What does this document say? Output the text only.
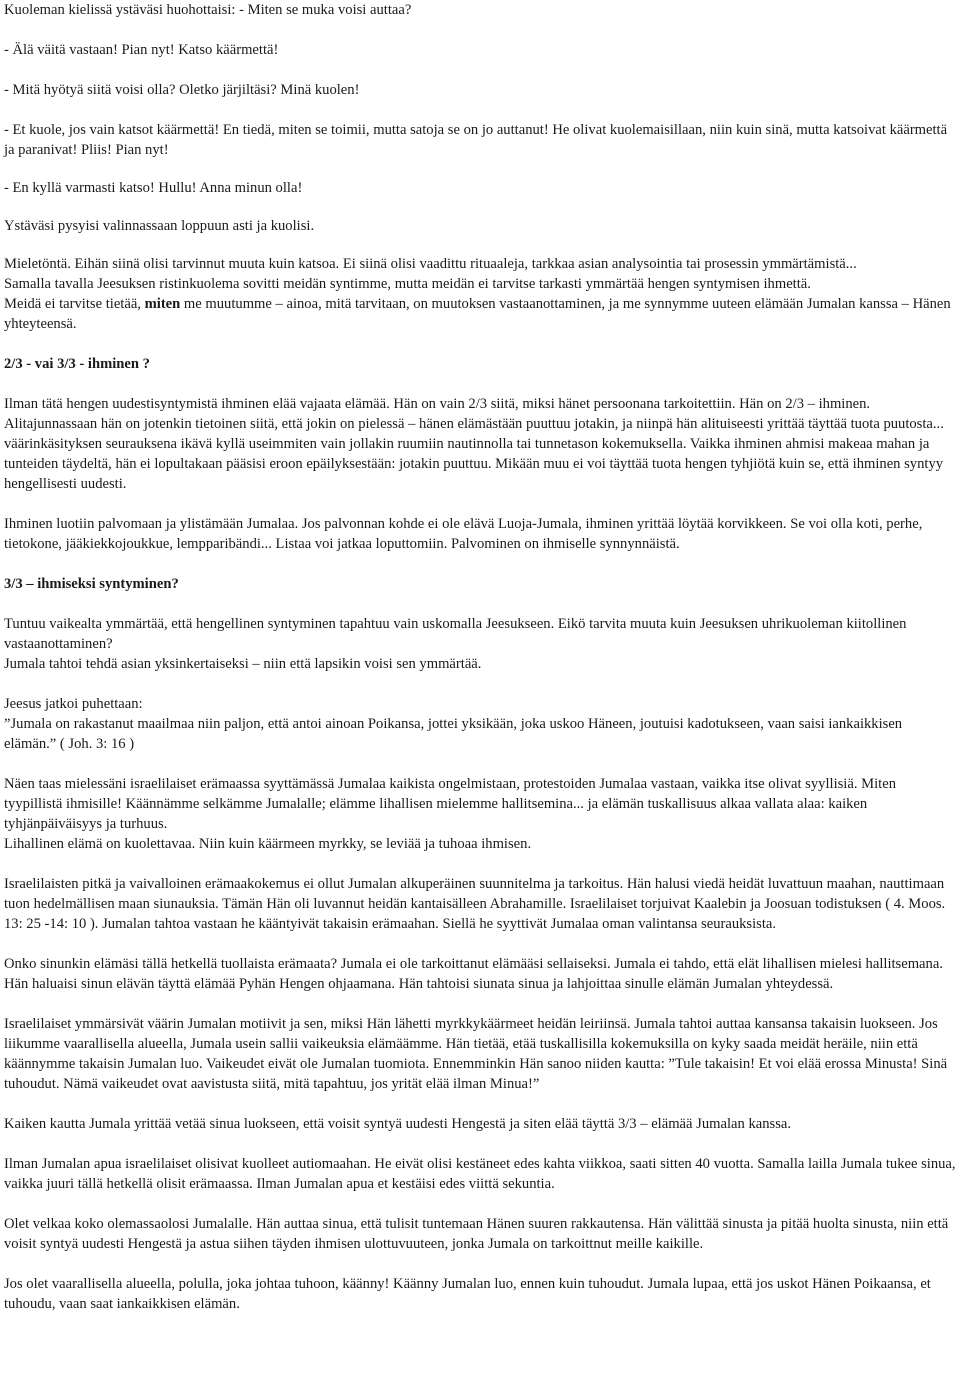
Kuoleman kielissä ystäväsi huohottaisi: - Miten se muka voisi auttaa?

- Älä väitä vastaan! Pian nyt! Katso käärmettä!

- Mitä hyötyä siitä voisi olla? Oletko järjiltäsi? Minä kuolen!

- Et kuole, jos vain katsot käärmettä! En tiedä, miten se toimii, mutta satoja se on jo auttanut! He olivat kuolemaisillaan, niin kuin sinä, mutta katsoivat käärmettä ja paranivat! Pliis! Pian nyt!

- En kyllä varmasti katso! Hullu! Anna minun olla!

Ystäväsi pysyisi valinnassaan loppuun asti ja kuolisi.

Mieletöntä. Eihän siinä olisi tarvinnut muuta kuin katsoa. Ei siinä olisi vaadittu rituaaleja, tarkkaa asian analysointia tai prosessin ymmärtämistä...

Samalla tavalla Jeesuksen ristinkuolema sovitti meidän syntimme, mutta meidän ei tarvitse tarkasti ymmärtää hengen syntymisen ihmettä.

Meidä ei tarvitse tietää, miten me muutumme – ainoa, mitä tarvitaan, on muutoksen vastaanottaminen, ja me synnymme uuteen elämään Jumalan kanssa – Hänen yhteyteensä.

2/3 - vai 3/3 - ihminen ?

Ilman tätä hengen uudestisyntymistä ihminen elää vajaata elämää. Hän on vain 2/3 siitä, miksi hänet persoonana tarkoitettiin. Hän on 2/3 – ihminen. Alitajunnassaan hän on jotenkin tietoinen siitä, että jokin on pielessä – hänen elämästään puuttuu jotakin, ja niinpä hän alituiseesti yrittää täyttää tuota puutosta... väärinkäsityksen seurauksena ikävä kyllä useimmiten vain jollakin ruumiin nautinnolla tai tunnetason kokemuksella. Vaikka ihminen ahmisi makeaa mahan ja tunteiden täydeltä, hän ei lopultakaan pääsisi eroon epäilyksestään: jotakin puuttuu. Mikään muu ei voi täyttää tuota hengen tyhjiötä kuin se, että ihminen syntyy hengellisesti uudesti.

Ihminen luotiin palvomaan ja ylistämään Jumalaa. Jos palvonnan kohde ei ole elävä Luoja-Jumala, ihminen yrittää löytää korvikkeen. Se voi olla koti, perhe, tietokone, jääkiekkojoukkue, lempparibändi... Listaa voi jatkaa loputtomiin. Palvominen on ihmiselle synnynnäistä.

3/3 – ihmiseksi syntyminen?

Tuntuu vaikealta ymmärtää, että hengellinen syntyminen tapahtuu vain uskomalla Jeesukseen. Eikö tarvita muuta kuin Jeesuksen uhrikuoleman kiitollinen vastaanottaminen?

Jumala tahtoi tehdä asian yksinkertaiseksi – niin että lapsikin voisi sen ymmärtää.

Jeesus jatkoi puhettaan:

”Jumala on rakastanut maailmaa niin paljon, että antoi ainoan Poikansa, jottei yksikään, joka uskoo Häneen, joutuisi kadotukseen, vaan saisi iankaikkisen elämän.” ( Joh. 3: 16 )

Näen taas mielessäni israelilaiset erämaassa syyttämässä Jumalaa kaikista ongelmistaan, protestoiden Jumalaa vastaan, vaikka itse olivat syyllisiä. Miten tyypillistä ihmisille! Käännämme selkämme Jumalalle; elämme lihallisen mielemme hallitsemina... ja elämän tuskallisuus alkaa vallata alaa: kaiken tyhjänpäiväisyys ja turhuus.

Lihallinen elämä on kuolettavaa. Niin kuin käärmeen myrkky, se leviää ja tuhoaa ihmisen.

Israelilaisten pitkä ja vaivalloinen erämaakokemus ei ollut Jumalan alkuperäinen suunnitelma ja tarkoitus. Hän halusi viedä heidät luvattuun maahan, nauttimaan tuon hedelmällisen maan siunauksia. Tämän Hän oli luvannut heidän kantaisälleen Abrahamille. Israelilaiset torjuivat Kaalebin ja Joosuan todistuksen ( 4. Moos. 13: 25 -14: 10 ). Jumalan tahtoa vastaan he kääntyivät takaisin erämaahan. Siellä he syyttivät Jumalaa oman valintansa seurauksista.

Onko sinunkin elämäsi tällä hetkellä tuollaista erämaata? Jumala ei ole tarkoittanut elämääsi sellaiseksi. Jumala ei tahdo, että elät lihallisen mielesi hallitsemana. Hän haluaisi sinun elävän täyttä elämää Pyhän Hengen ohjaamana. Hän tahtoisi siunata sinua ja lahjoittaa sinulle elämän Jumalan yhteydessä.

Israelilaiset ymmärsivät väärin Jumalan motiivit ja sen, miksi Hän lähetti myrkkykäärmeet heidän leiriinsä. Jumala tahtoi auttaa kansansa takaisin luokseen. Jos liikumme vaarallisella alueella, Jumala usein sallii vaikeuksia elämäämme. Hän tietää, etää tuskallisilla kokemuksilla on kyky saada meidät heräile, niin että käännymme takaisin Jumalan luo. Vaikeudet eivät ole Jumalan tuomiota. Ennemminkin Hän sanoo niiden kautta: ”Tule takaisin! Et voi elää erossa Minusta! Sinä tuhoudut. Nämä vaikeudet ovat aavistusta siitä, mitä tapahtuu, jos yrität elää ilman Minua!”

Kaiken kautta Jumala yrittää vetää sinua luokseen, että voisit syntyä uudesti Hengestä ja siten elää täyttä 3/3 – elämää Jumalan kanssa.

Ilman Jumalan apua israelilaiset olisivat kuolleet autiomaahan. He eivät olisi kestäneet edes kahta viikkoa, saati sitten 40 vuotta. Samalla lailla Jumala tukee sinua, vaikka juuri tällä hetkellä olisit erämaassa. Ilman Jumalan apua et kestäisi edes viittä sekuntia.

Olet velkaa koko olemassaolosi Jumalalle. Hän auttaa sinua, että tulisit tuntemaan Hänen suuren rakkautensa. Hän välittää sinusta ja pitää huolta sinusta, niin että voisit syntyä uudesti Hengestä ja astua siihen täyden ihmisen ulottuvuuteen, jonka Jumala on tarkoittnut meille kaikille.

Jos olet vaarallisella alueella, polulla, joka johtaa tuhoon, käänny! Käänny Jumalan luo, ennen kuin tuhoudut. Jumala lupaa, että jos uskot Hänen Poikaansa, et tuhoudu, vaan saat iankaikkisen elämän.
